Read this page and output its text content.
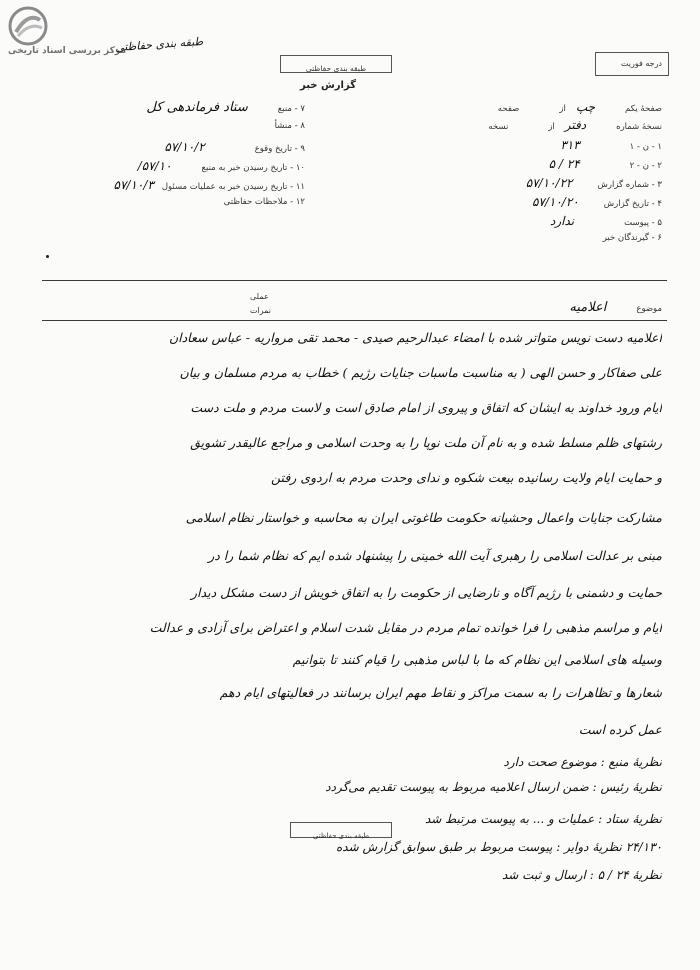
مرکز بررسی اسناد تاریخی
طبقه بندی حفاظتی
درجه فوریت
طبقه بندی حفاظتی
گزارش خبر
صفحهٔ یکم
چپ
از
صفحه
نسخهٔ شماره
دفتر
از
نسخه
۱ - ن - ۱
۳۱۳
۲ - ن - ۲
۲۴ / ۵
۳ - شماره گزارش
۵۷/۱۰/۲۲
۴ - تاریخ گزارش
۵۷/۱۰/۲۰
۵ - پیوست
ندارد
۶ - گیرندگان خبر
۷ - منبع
ستاد فرماندهی کل
۸ - منشأ
۹ - تاریخ وقوع
۵۷/۱۰/۲
۱۰ - تاریخ رسیدن خبر به منبع
۵۷/۱۰/
۱۱ - تاریخ رسیدن خبر به عملیات مسئول
۵۷/۱۰/۳
۱۲ - ملاحظات حفاظتی
عملی
نمرات	موضوع
اعلامیه
اعلامیه دست نویس متواتر شده با امضاء عبدالرحیم صیدی - محمد تقی مرواریه - عباس سعادان
علی صفاکار و حسن الهی ( به مناسبت ماسبات جنایات رژیم ) خطاب به مردم مسلمان و بیان
ایام ورود خداوند به ایشان که اتفاق و پیروی از امام صادق است و لاست مردم و ملت دست
رشتهای ظلم مسلط شده و به نام آن ملت نوپا را به وحدت اسلامی و مراجع عالیقدر تشویق
و حمایت ایام ولایت رسانیده بیعت شکوه و ندای وحدت مردم به اردوی رفتن
مشارکت جنایات واعمال وحشیانه حکومت طاغوتی ایران به محاسبه و خواستار نظام اسلامی
مبنی بر عدالت اسلامی را رهبری آیت الله خمینی را پیشنهاد شده ایم که نظام شما را در
حمایت و دشمنی با رژیم آگاه و نارضایی از حکومت را به اتفاق خویش از دست مشکل دیدار
ایام و مراسم مذهبی را فرا خوانده تمام مردم در مقابل شدت اسلام و اعتراض برای آزادی و عدالت
وسیله های اسلامی این نظام که ما با لباس مذهبی را قیام کنند تا بتوانیم
شعارها و تظاهرات را به سمت مراکز و نقاط مهم ایران برسانند در فعالیتهای ایام دهم
عمل کرده است
نظریهٔ منبع : موضوع صحت دارد
نظریهٔ رئیس : ضمن ارسال اعلامیه مربوط به پیوست تقدیم می‌گردد
نظریهٔ ستاد : عملیات و ... به پیوست مرتبط شد
۲۴/۱۳۰ نظریهٔ دوایر : پیوست مربوط بر طبق سوابق گزارش شده
نظریهٔ ۲۴ / ۵ : ارسال و ثبت شد
طبقه بندی حفاظتی
